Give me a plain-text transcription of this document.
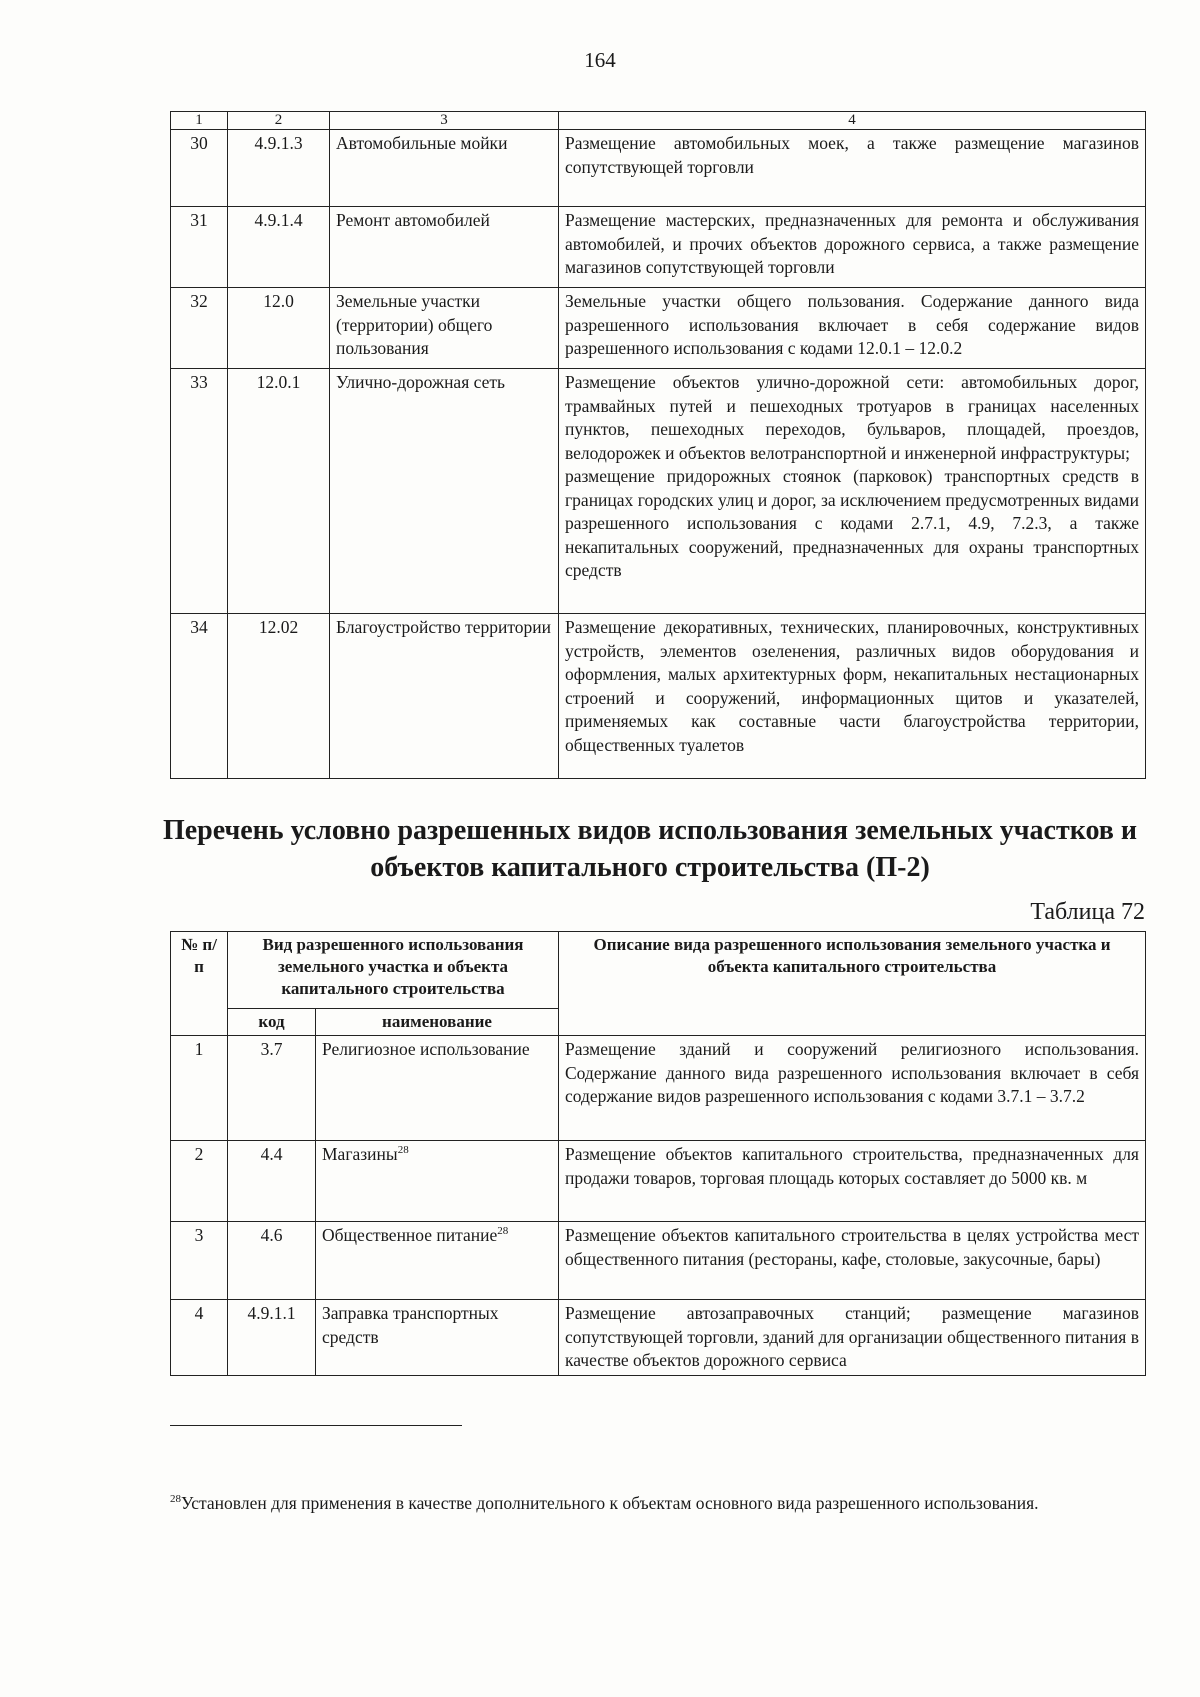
164
1	2	3	4
30	4.9.1.3	Автомобильные мойки	Размещение автомобильных моек, а также размещение магазинов сопутствующей торговли
31	4.9.1.4	Ремонт автомобилей	Размещение мастерских, предназначенных для ремонта и обслуживания автомобилей, и прочих объектов дорожного сервиса, а также размещение магазинов сопутствующей торговли
32	12.0	Земельные участки (территории) общего пользования	Земельные участки общего пользования. Содержание данного вида разрешенного использования включает в себя содержание видов разрешенного использования с кодами 12.0.1 – 12.0.2
33	12.0.1	Улично-дорожная сеть	Размещение объектов улично-дорожной сети: автомобильных дорог, трамвайных путей и пешеходных тротуаров в границах населенных пунктов, пешеходных переходов, бульваров, площадей, проездов, велодорожек и объектов велотранспортной и инженерной инфраструктуры;
размещение придорожных стоянок (парковок) транспортных средств в границах городских улиц и дорог, за исключением предусмотренных видами разрешенного использования с кодами 2.7.1, 4.9, 7.2.3, а также некапитальных сооружений, предназначенных для охраны транспортных средств

34	12.02	Благоустройство территории	Размещение декоративных, технических, планировочных, конструктивных устройств, элементов озеленения, различных видов оборудования и оформления, малых архитектурных форм, некапитальных нестационарных строений и сооружений, информационных щитов и указателей, применяемых как составные части благоустройства территории, общественных туалетов
Перечень условно разрешенных видов использования земельных участков и объектов капитального строительства (П-2)
Таблица 72
№ п/п	Вид разрешенного использования земельного участка и объекта капитального строительства		Описание вида разрешенного использования земельного участка и объекта капитального строительства
	код	наименование	
1	3.7	Религиозное использование	Размещение зданий и сооружений религиозного использования. Содержание данного вида разрешенного использования включает в себя содержание видов разрешенного использования с кодами 3.7.1 – 3.7.2
2	4.4	Магазины$^{28}$	Размещение объектов капитального строительства, предназначенных для продажи товаров, торговая площадь которых составляет до 5000 кв. м
3	4.6	Общественное питание$^{28}$	Размещение объектов капитального строительства в целях устройства мест общественного питания (рестораны, кафе, столовые, закусочные, бары)
4	4.9.1.1	Заправка транспортных средств	Размещение автозаправочных станций; размещение магазинов сопутствующей торговли, зданий для организации общественного питания в качестве объектов дорожного сервиса
$^{28}$Установлен для применения в качестве дополнительного к объектам основного вида разрешенного использования.
